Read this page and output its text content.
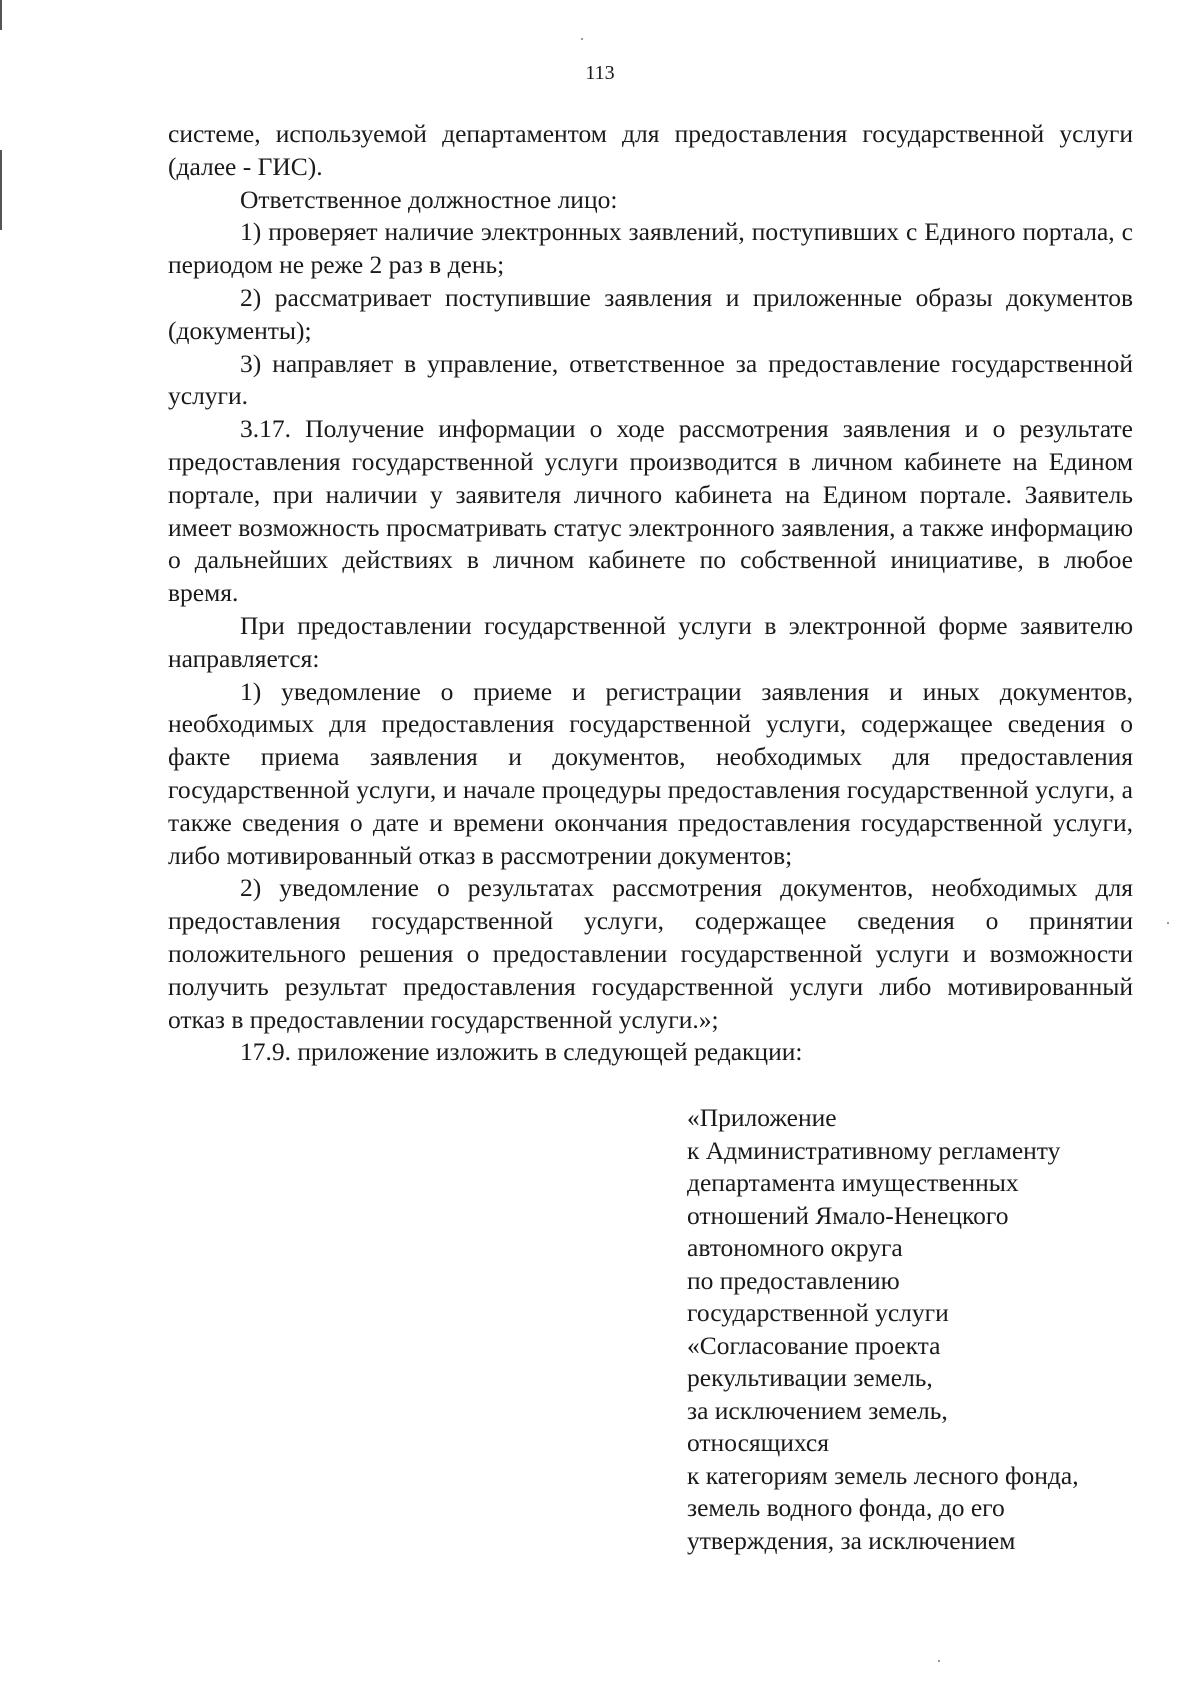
113

системе, используемой департаментом для предоставления государственной услуги (далее - ГИС).

Ответственное должностное лицо:

1) проверяет наличие электронных заявлений, поступивших с Единого портала, с периодом не реже 2 раз в день;

2) рассматривает поступившие заявления и приложенные образы документов (документы);

3) направляет в управление, ответственное за предоставление государственной услуги.

3.17. Получение информации о ходе рассмотрения заявления и о результате предоставления государственной услуги производится в личном кабинете на Едином портале, при наличии у заявителя личного кабинета на Едином портале. Заявитель имеет возможность просматривать статус электронного заявления, а также информацию о дальнейших действиях в личном кабинете по собственной инициативе, в любое время.

При предоставлении государственной услуги в электронной форме заявителю направляется:

1) уведомление о приеме и регистрации заявления и иных документов, необходимых для предоставления государственной услуги, содержащее сведения о факте приема заявления и документов, необходимых для предоставления государственной услуги, и начале процедуры предоставления государственной услуги, а также сведения о дате и времени окончания предоставления государственной услуги, либо мотивированный отказ в рассмотрении документов;

2) уведомление о результатах рассмотрения документов, необходимых для предоставления государственной услуги, содержащее сведения о принятии положительного решения о предоставлении государственной услуги и возможности получить результат предоставления государственной услуги либо мотивированный отказ в предоставлении государственной услуги.»;

17.9. приложение изложить в следующей редакции:

«Приложение
к Административному регламенту
департамента имущественных
отношений Ямало-Ненецкого
автономного округа
по предоставлению
государственной услуги
«Согласование проекта
рекультивации земель,
за исключением земель,
относящихся
к категориям земель лесного фонда,
земель водного фонда, до его
утверждения, за исключением
